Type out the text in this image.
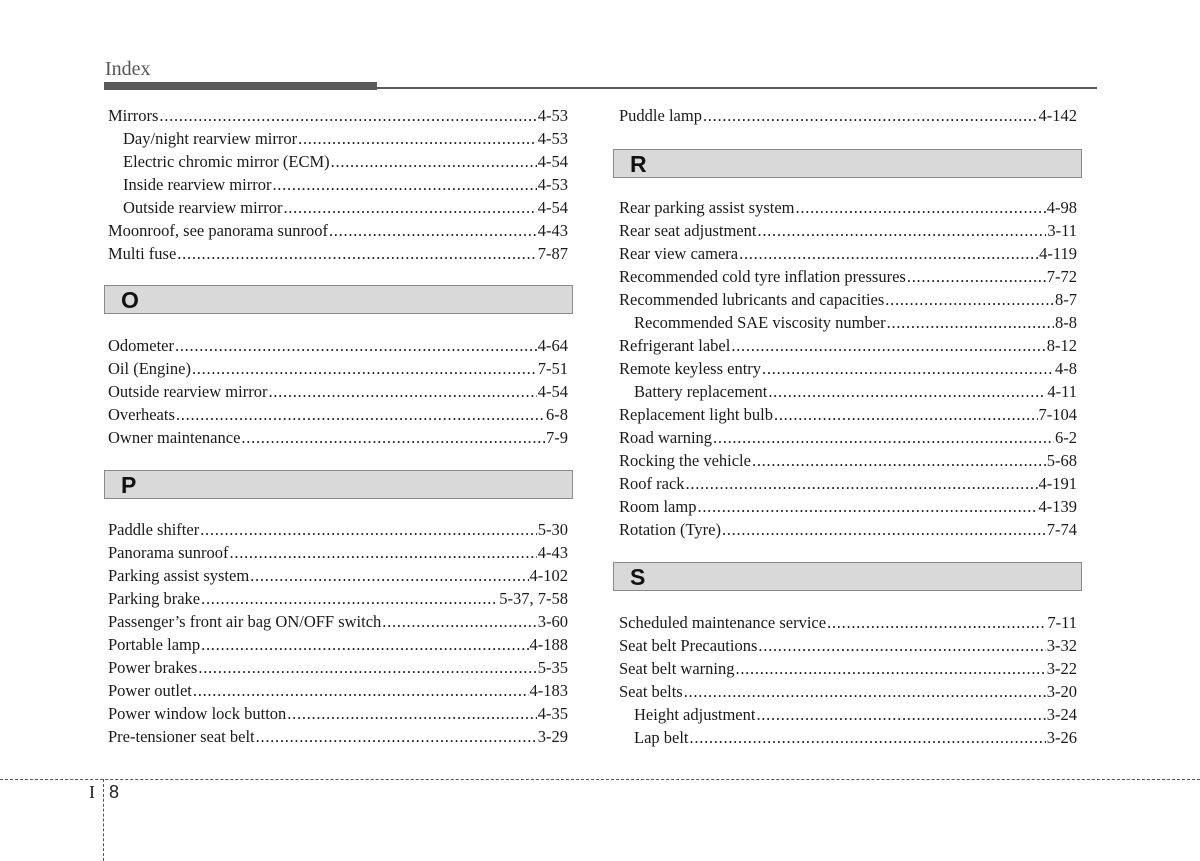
Index
Mirrors . . .	4-53
Day/night rearview mirror . . .	4-53
Electric chromic mirror (ECM) . . .	4-54
Inside rearview mirror . . .	4-53
Outside rearview mirror . . .	4-54
Moonroof, see panorama sunroof . . .	4-43
Multi fuse . . .	7-87
O
Odometer . . .	4-64
Oil (Engine) . . .	7-51
Outside rearview mirror . . .	4-54
Overheats . . .	6-8
Owner maintenance . . .	7-9
P
Paddle shifter . . .	5-30
Panorama sunroof . . .	4-43
Parking assist system . . .	4-102
Parking brake . . .	5-37, 7-58
Passenger’s front air bag ON/OFF switch . . .	3-60
Portable lamp . . .	4-188
Power brakes . . .	5-35
Power outlet . . .	4-183
Power window lock button . . .	4-35
Pre-tensioner seat belt . . .	3-29
Puddle lamp . . .	4-142
R
Rear parking assist system . . .	4-98
Rear seat adjustment . . .	3-11
Rear view camera . . .	4-119
Recommended cold tyre inflation pressures . . .	7-72
Recommended lubricants and capacities . . .	8-7
Recommended SAE viscosity number . . .	8-8
Refrigerant label . . .	8-12
Remote keyless entry . . .	4-8
Battery replacement . . .	4-11
Replacement light bulb . . .	7-104
Road warning . . .	6-2
Rocking the vehicle . . .	5-68
Roof rack . . .	4-191
Room lamp . . .	4-139
Rotation (Tyre) . . .	7-74
S
Scheduled maintenance service . . .	7-11
Seat belt Precautions . . .	3-32
Seat belt warning . . .	3-22
Seat belts . . .	3-20
Height adjustment . . .	3-24
Lap belt . . .	3-26
I 8
